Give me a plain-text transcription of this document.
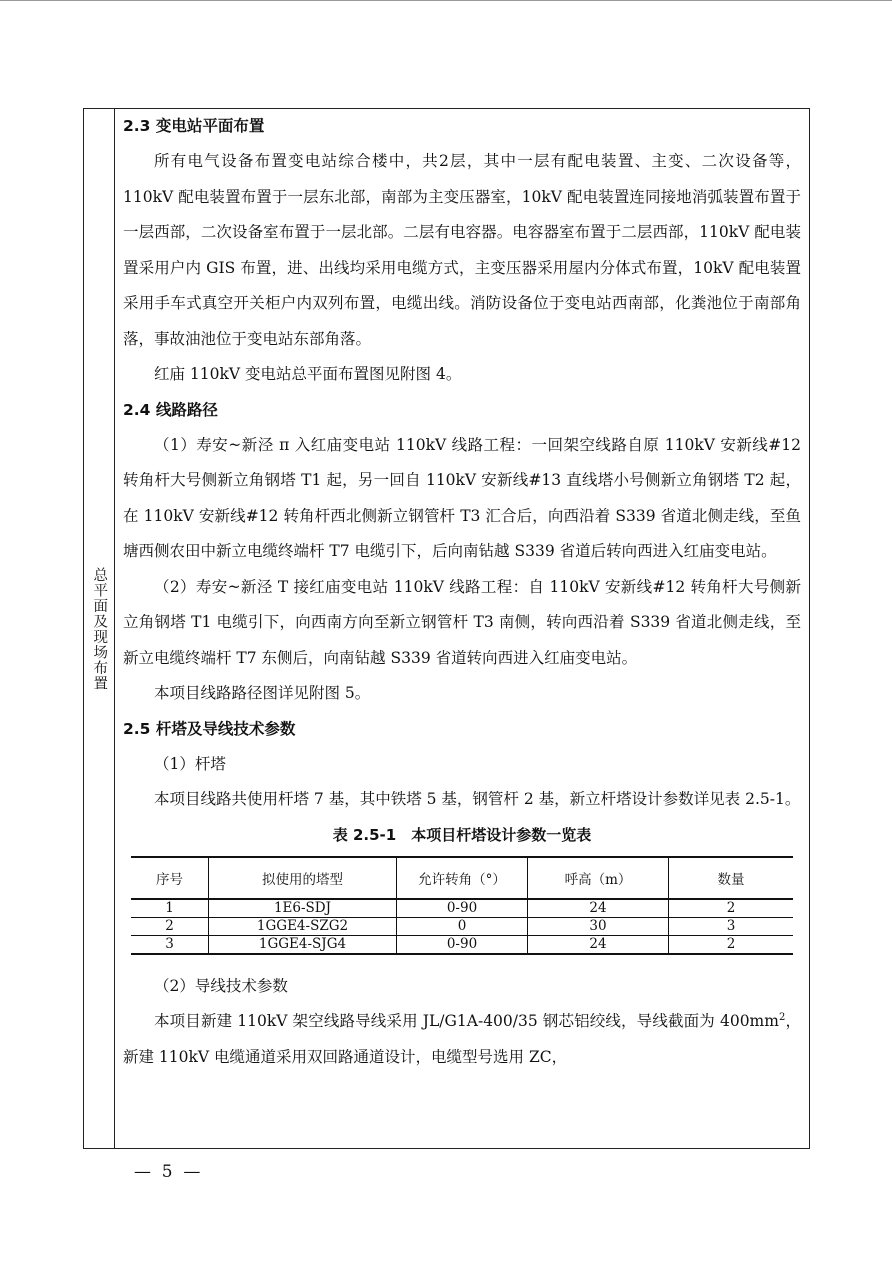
总平面及现场布置

2.3 变电站平面布置

所有电气设备布置变电站综合楼中，共2层，其中一层有配电装置、主变、二次设备等，110kV 配电装置布置于一层东北部，南部为主变压器室，10kV 配电装置连同接地消弧装置布置于一层西部，二次设备室布置于一层北部。二层有电容器。电容器室布置于二层西部，110kV 配电装置采用户内 GIS 布置，进、出线均采用电缆方式，主变压器采用屋内分体式布置，10kV 配电装置采用手车式真空开关柜户内双列布置，电缆出线。消防设备位于变电站西南部，化粪池位于南部角落，事故油池位于变电站东部角落。

红庙 110kV 变电站总平面布置图见附图 4。

2.4 线路路径

（1）寿安~新泾 π 入红庙变电站 110kV 线路工程：一回架空线路自原 110kV 安新线#12 转角杆大号侧新立角钢塔 T1 起，另一回自 110kV 安新线#13 直线塔小号侧新立角钢塔 T2 起，在 110kV 安新线#12 转角杆西北侧新立钢管杆 T3 汇合后，向西沿着 S339 省道北侧走线，至鱼塘西侧农田中新立电缆终端杆 T7 电缆引下，后向南钻越 S339 省道后转向西进入红庙变电站。

（2）寿安~新泾 T 接红庙变电站 110kV 线路工程：自 110kV 安新线#12 转角杆大号侧新立角钢塔 T1 电缆引下，向西南方向至新立钢管杆 T3 南侧，转向西沿着 S339 省道北侧走线，至新立电缆终端杆 T7 东侧后，向南钻越 S339 省道转向西进入红庙变电站。

本项目线路路径图详见附图 5。

2.5 杆塔及导线技术参数

（1）杆塔

本项目线路共使用杆塔 7 基，其中铁塔 5 基，钢管杆 2 基，新立杆塔设计参数详见表 2.5-1。

表 2.5-1　本项目杆塔设计参数一览表

序号	拟使用的塔型	允许转角（°）	呼高（m）	数量
1	1E6-SDJ	0-90	24	2
2	1GGE4-SZG2	0	30	3
3	1GGE4-SJG4	0-90	24	2

（2）导线技术参数

本项目新建 110kV 架空线路导线采用 JL/G1A-400/35 钢芯铝绞线，导线截面为 $400mm^2$，新建 110kV 电缆通道采用双回路通道设计，电缆型号选用 ZC，

—  5  —
